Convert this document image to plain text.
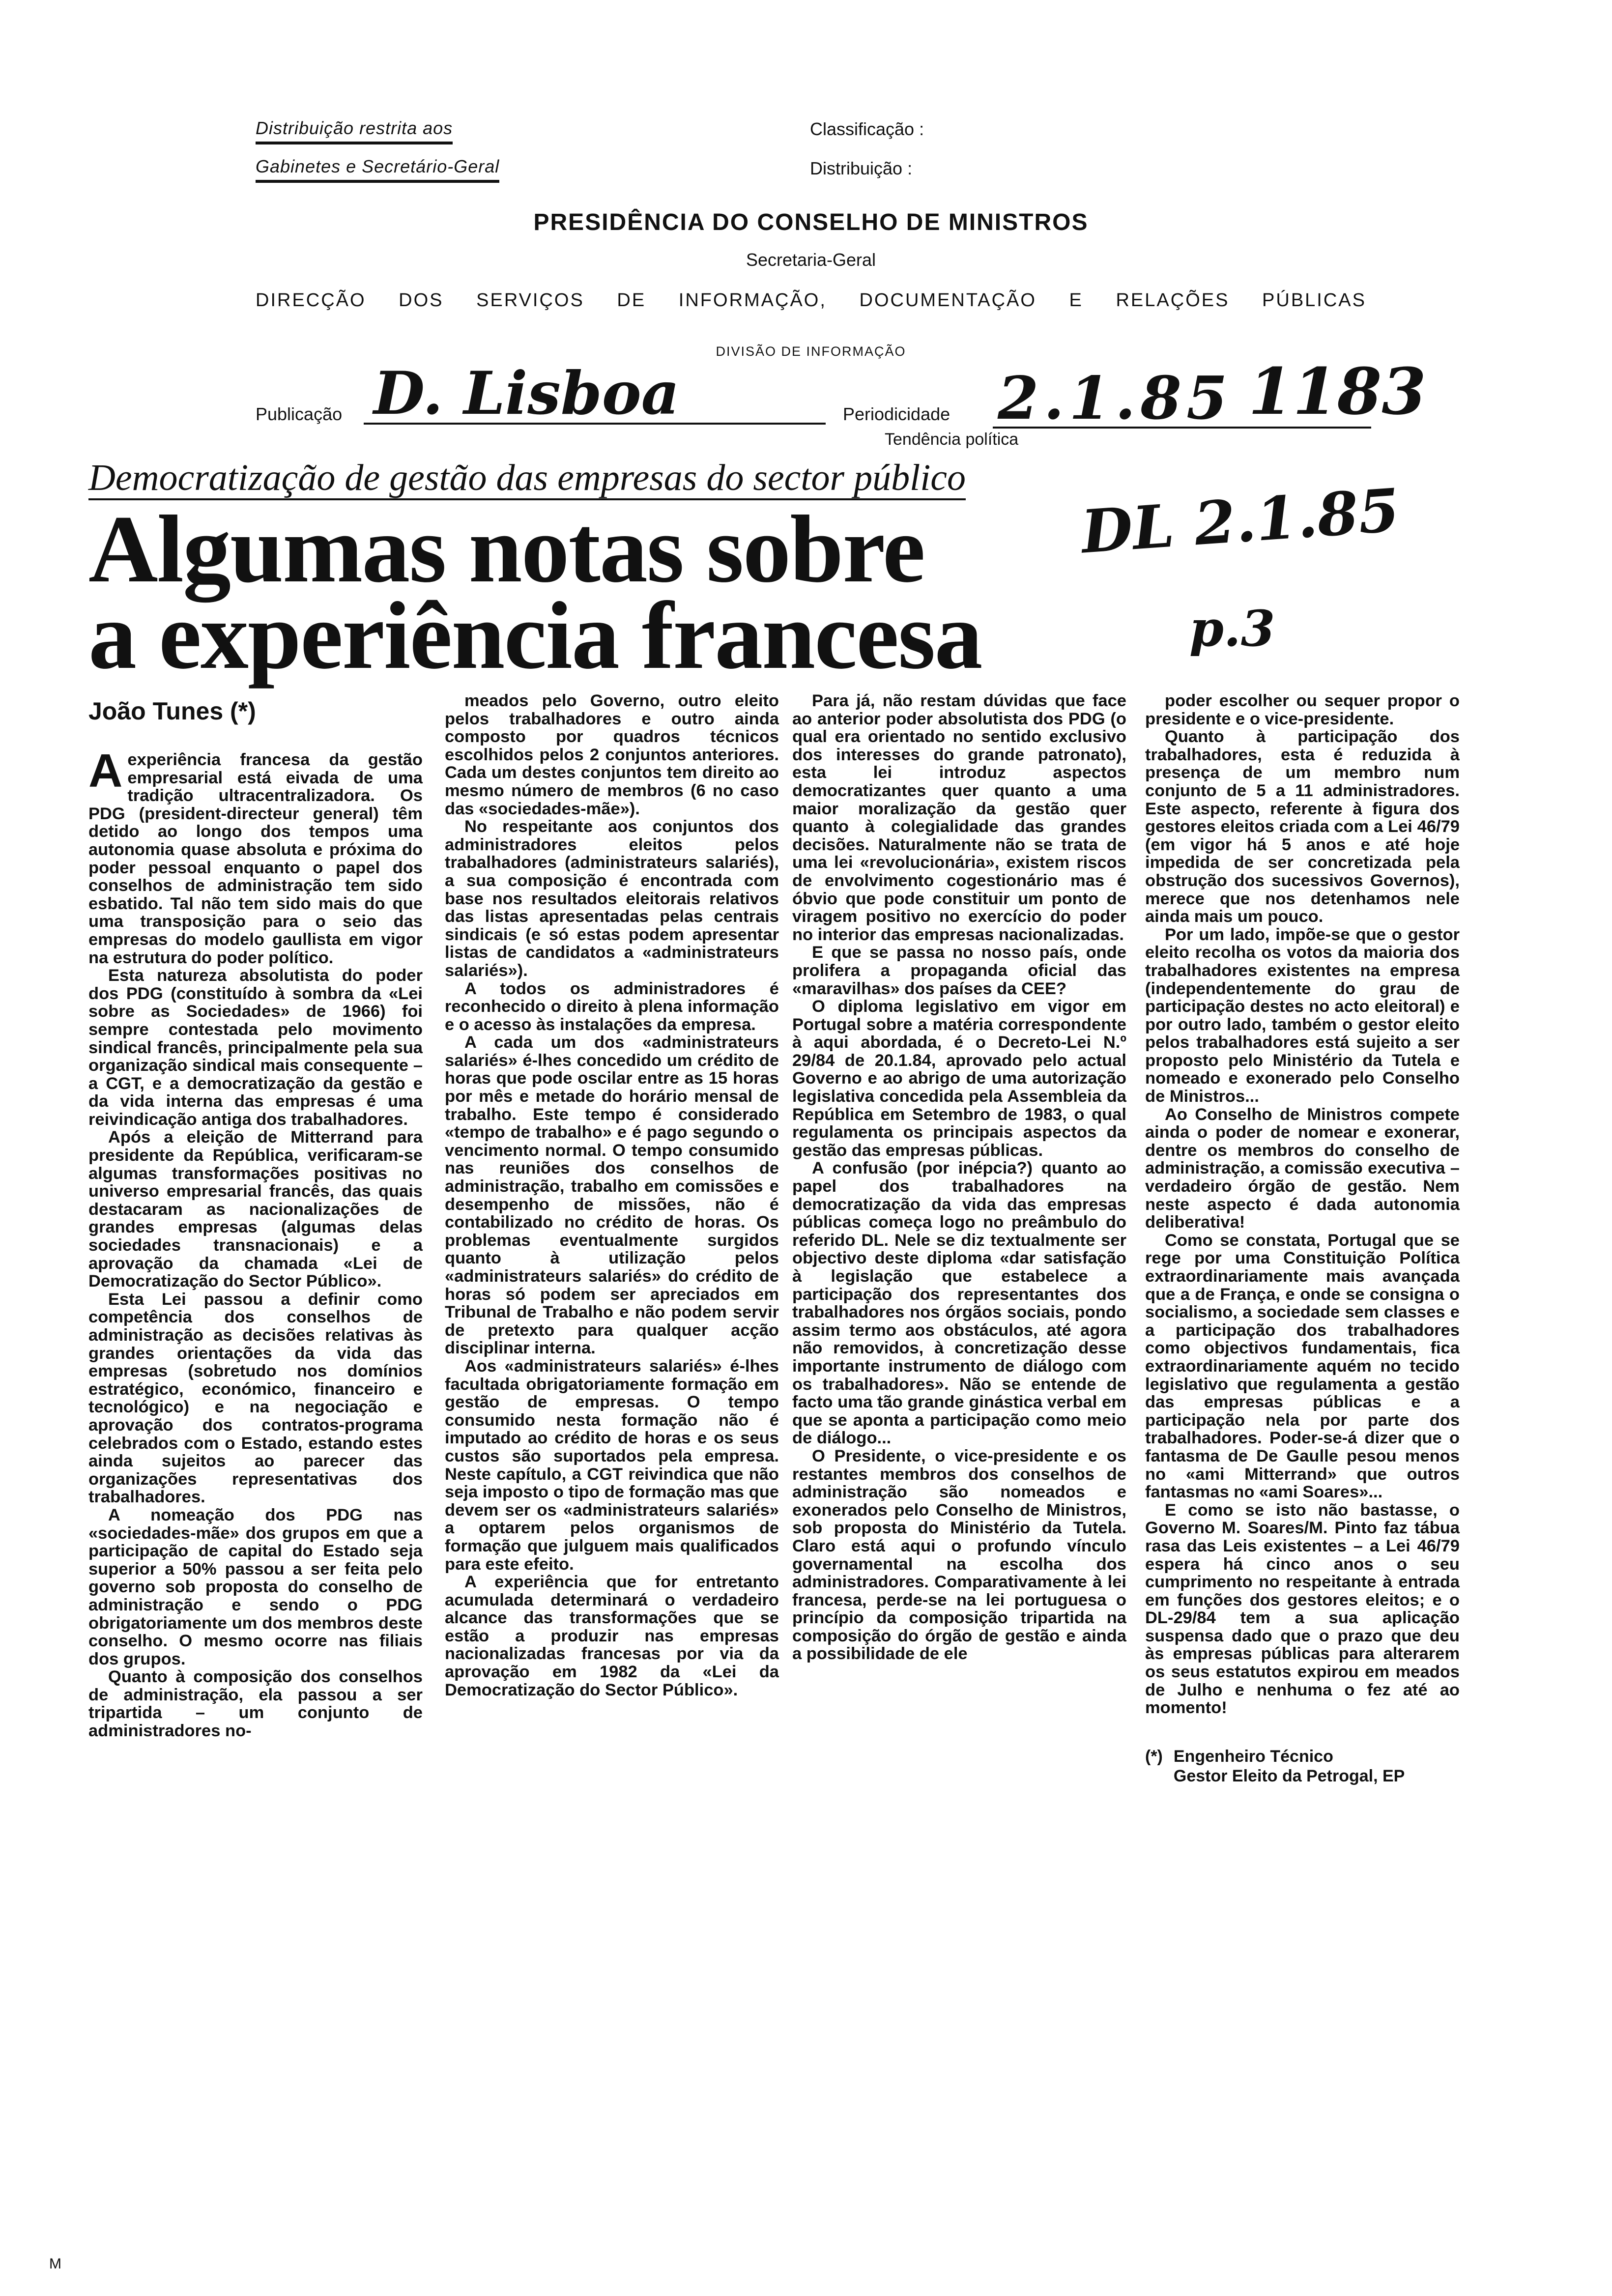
Distribuição restrita aos
Gabinetes e Secretário-Geral
Classificação :
Distribuição :
PRESIDÊNCIA DO CONSELHO DE MINISTROS
Secretaria-Geral
DIRECÇÃO DOS SERVIÇOS DE INFORMAÇÃO, DOCUMENTAÇÃO E RELAÇÕES PÚBLICAS
DIVISÃO DE INFORMAÇÃO
Publicação D. Lisboa	Periodicidade 2.1.85 1183
Tendência política
DL 2.1.85
p.3
M
Democratização de gestão das empresas do sector público
Algumas notas sobre
a experiência francesa
João Tunes (*)
A experiência francesa da gestão empresarial está eivada de uma tradição ultracentralizadora. Os PDG (president-directeur general) têm detido ao longo dos tempos uma autonomia quase absoluta e próxima do poder pessoal enquanto o papel dos conselhos de administração tem sido esbatido. Tal não tem sido mais do que uma transposição para o seio das empresas do modelo gaullista em vigor na estrutura do poder político.

Esta natureza absolutista do poder dos PDG (constituído à sombra da «Lei sobre as Sociedades» de 1966) foi sempre contestada pelo movimento sindical francês, principalmente pela sua organização sindical mais consequente – a CGT, e a democratização da gestão e da vida interna das empresas é uma reivindicação antiga dos trabalhadores.

Após a eleição de Mitterrand para presidente da República, verificaram-se algumas transformações positivas no universo empresarial francês, das quais destacaram as nacionalizações de grandes empresas (algumas delas sociedades transnacionais) e a aprovação da chamada «Lei de Democratização do Sector Público».

Esta Lei passou a definir como competência dos conselhos de administração as decisões relativas às grandes orientações da vida das empresas (sobretudo nos domínios estratégico, económico, financeiro e tecnológico) e na negociação e aprovação dos contratos-programa celebrados com o Estado, estando estes ainda sujeitos ao parecer das organizações representativas dos trabalhadores.

A nomeação dos PDG nas «sociedades-mãe» dos grupos em que a participação de capital do Estado seja superior a 50% passou a ser feita pelo governo sob proposta do conselho de administração e sendo o PDG obrigatoriamente um dos membros deste conselho. O mesmo ocorre nas filiais dos grupos.

Quanto à composição dos conselhos de administração, ela passou a ser tripartida – um conjunto de administradores no-

meados pelo Governo, outro eleito pelos trabalhadores e outro ainda composto por quadros técnicos escolhidos pelos 2 conjuntos anteriores. Cada um destes conjuntos tem direito ao mesmo número de membros (6 no caso das «sociedades-mãe»).

No respeitante aos conjuntos dos administradores eleitos pelos trabalhadores (administrateurs salariés), a sua composição é encontrada com base nos resultados eleitorais relativos das listas apresentadas pelas centrais sindicais (e só estas podem apresentar listas de candidatos a «administrateurs salariés»).

A todos os administradores é reconhecido o direito à plena informação e o acesso às instalações da empresa.

A cada um dos «administrateurs salariés» é-lhes concedido um crédito de horas que pode oscilar entre as 15 horas por mês e metade do horário mensal de trabalho. Este tempo é considerado «tempo de trabalho» e é pago segundo o vencimento normal. O tempo consumido nas reuniões dos conselhos de administração, trabalho em comissões e desempenho de missões, não é contabilizado no crédito de horas. Os problemas eventualmente surgidos quanto à utilização pelos «administrateurs salariés» do crédito de horas só podem ser apreciados em Tribunal de Trabalho e não podem servir de pretexto para qualquer acção disciplinar interna.

Aos «administrateurs salariés» é-lhes facultada obrigatoriamente formação em gestão de empresas. O tempo consumido nesta formação não é imputado ao crédito de horas e os seus custos são suportados pela empresa. Neste capítulo, a CGT reivindica que não seja imposto o tipo de formação mas que devem ser os «administrateurs salariés» a optarem pelos organismos de formação que julguem mais qualificados para este efeito.

A experiência que for entretanto acumulada determinará o verdadeiro alcance das transformações que se estão a produzir nas empresas nacionalizadas francesas por via da aprovação em 1982 da «Lei da Democratização do Sector Público».

Para já, não restam dúvidas que face ao anterior poder absolutista dos PDG (o qual era orientado no sentido exclusivo dos interesses do grande patronato), esta lei introduz aspectos democratizantes quer quanto a uma maior moralização da gestão quer quanto à colegialidade das grandes decisões. Naturalmente não se trata de uma lei «revolucionária», existem riscos de envolvimento cogestionário mas é óbvio que pode constituir um ponto de viragem positivo no exercício do poder no interior das empresas nacionalizadas.

E que se passa no nosso país, onde prolifera a propaganda oficial das «maravilhas» dos países da CEE?

O diploma legislativo em vigor em Portugal sobre a matéria correspondente à aqui abordada, é o Decreto-Lei N.º 29/84 de 20.1.84, aprovado pelo actual Governo e ao abrigo de uma autorização legislativa concedida pela Assembleia da República em Setembro de 1983, o qual regulamenta os principais aspectos da gestão das empresas públicas.

A confusão (por inépcia?) quanto ao papel dos trabalhadores na democratização da vida das empresas públicas começa logo no preâmbulo do referido DL. Nele se diz textualmente ser objectivo deste diploma «dar satisfação à legislação que estabelece a participação dos representantes dos trabalhadores nos órgãos sociais, pondo assim termo aos obstáculos, até agora não removidos, à concretização desse importante instrumento de diálogo com os trabalhadores». Não se entende de facto uma tão grande ginástica verbal em que se aponta a participação como meio de diálogo...

O Presidente, o vice-presidente e os restantes membros dos conselhos de administração são nomeados e exonerados pelo Conselho de Ministros, sob proposta do Ministério da Tutela. Claro está aqui o profundo vínculo governamental na escolha dos administradores. Comparativamente à lei francesa, perde-se na lei portuguesa o princípio da composição tripartida na composição do órgão de gestão e ainda a possibilidade de ele

poder escolher ou sequer propor o presidente e o vice-presidente.

Quanto à participação dos trabalhadores, esta é reduzida à presença de um membro num conjunto de 5 a 11 administradores. Este aspecto, referente à figura dos gestores eleitos criada com a Lei 46/79 (em vigor há 5 anos e até hoje impedida de ser concretizada pela obstrução dos sucessivos Governos), merece que nos detenhamos nele ainda mais um pouco.

Por um lado, impõe-se que o gestor eleito recolha os votos da maioria dos trabalhadores existentes na empresa (independentemente do grau de participação destes no acto eleitoral) e por outro lado, também o gestor eleito pelos trabalhadores está sujeito a ser proposto pelo Ministério da Tutela e nomeado e exonerado pelo Conselho de Ministros...

Ao Conselho de Ministros compete ainda o poder de nomear e exonerar, dentre os membros do conselho de administração, a comissão executiva – verdadeiro órgão de gestão. Nem neste aspecto é dada autonomia deliberativa!

Como se constata, Portugal que se rege por uma Constituição Política extraordinariamente mais avançada que a de França, e onde se consigna o socialismo, a sociedade sem classes e a participação dos trabalhadores como objectivos fundamentais, fica extraordinariamente aquém no tecido legislativo que regulamenta a gestão das empresas públicas e a participação nela por parte dos trabalhadores. Poder-se-á dizer que o fantasma de De Gaulle pesou menos no «ami Mitterrand» que outros fantasmas no «ami Soares»...

E como se isto não bastasse, o Governo M. Soares/M. Pinto faz tábua rasa das Leis existentes – a Lei 46/79 espera há cinco anos o seu cumprimento no respeitante à entrada em funções dos gestores eleitos; e o DL-29/84 tem a sua aplicação suspensa dado que o prazo que deu às empresas públicas para alterarem os seus estatutos expirou em meados de Julho e nenhuma o fez até ao momento!

(*) Engenheiro Técnico
Gestor Eleito da Petrogal, EP
